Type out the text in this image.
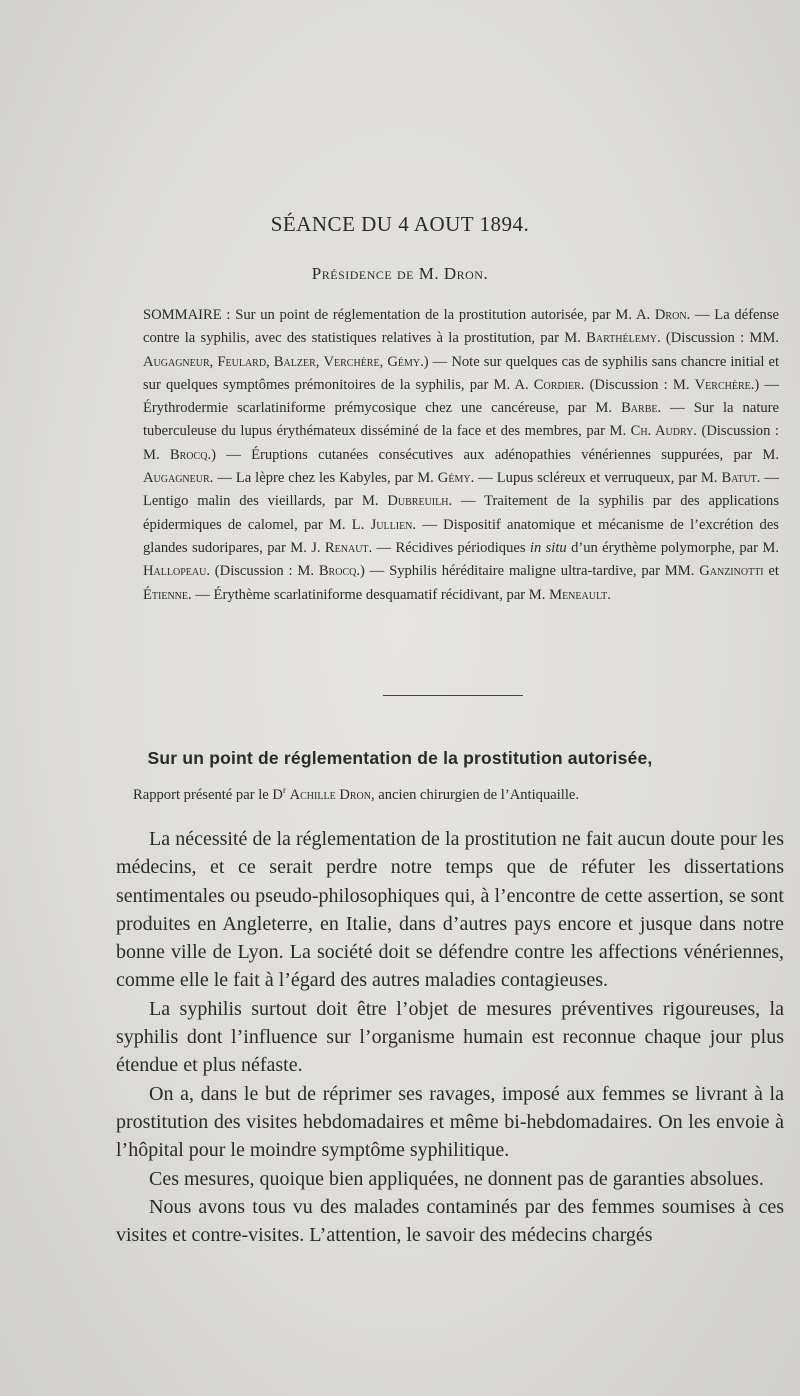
SÉANCE DU 4 AOUT 1894.
Présidence de M. Dron.
SOMMAIRE : Sur un point de réglementation de la prostitution autorisée, par M. A. Dron. — La défense contre la syphilis, avec des statistiques relatives à la prostitution, par M. Barthélemy. (Discussion : MM. Augagneur, Feulard, Balzer, Verchère, Gémy.) — Note sur quelques cas de syphilis sans chancre initial et sur quelques symptômes prémonitoires de la syphilis, par M. A. Cordier. (Discussion : M. Verchère.) — Érythrodermie scarlatiniforme prémycosique chez une cancéreuse, par M. Barbe. — Sur la nature tuberculeuse du lupus érythémateux disséminé de la face et des membres, par M. Ch. Audry. (Discussion : M. Brocq.) — Éruptions cutanées consécutives aux adénopathies vénériennes suppurées, par M. Augagneur. — La lèpre chez les Kabyles, par M. Gémy. — Lupus scléreux et verruqueux, par M. Batut. — Lentigo malin des vieillards, par M. Dubreuilh. — Traitement de la syphilis par des applications épidermiques de calomel, par M. L. Jullien. — Dispositif anatomique et mécanisme de l’excrétion des glandes sudoripares, par M. J. Renaut. — Récidives périodiques in situ d’un érythème polymorphe, par M. Hallopeau. (Discussion : M. Brocq.) — Syphilis héréditaire maligne ultra-tardive, par MM. Ganzinotti et Étienne. — Érythème scarlatiniforme desquamatif récidivant, par M. Meneault.
Sur un point de réglementation de la prostitution autorisée,
Rapport présenté par le $D^r$ Achille Dron, ancien chirurgien de l’Antiquaille.

La nécessité de la réglementation de la prostitution ne fait aucun doute pour les médecins, et ce serait perdre notre temps que de réfuter les dissertations sentimentales ou pseudo-philosophiques qui, à l’encontre de cette assertion, se sont produites en Angleterre, en Italie, dans d’autres pays encore et jusque dans notre bonne ville de Lyon. La société doit se défendre contre les affections vénériennes, comme elle le fait à l’égard des autres maladies contagieuses.

La syphilis surtout doit être l’objet de mesures préventives rigoureuses, la syphilis dont l’influence sur l’organisme humain est reconnue chaque jour plus étendue et plus néfaste.

On a, dans le but de réprimer ses ravages, imposé aux femmes se livrant à la prostitution des visites hebdomadaires et même bi-hebdomadaires. On les envoie à l’hôpital pour le moindre symptôme syphilitique.

Ces mesures, quoique bien appliquées, ne donnent pas de garanties absolues.

Nous avons tous vu des malades contaminés par des femmes soumises à ces visites et contre-visites. L’attention, le savoir des médecins chargés
